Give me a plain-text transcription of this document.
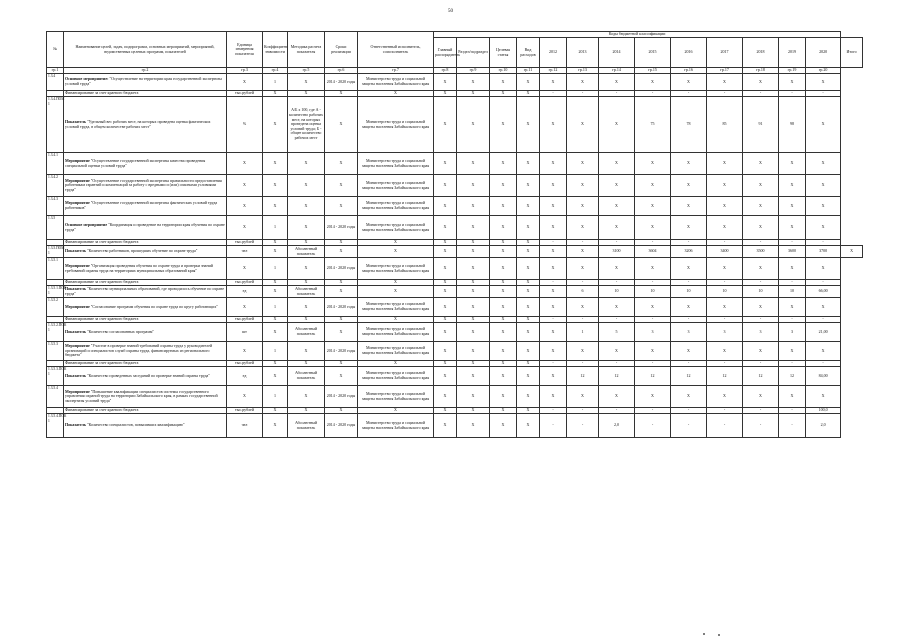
50
№	Наименование целей, задач, подпрограмм, основных мероприятий, мероприятий, ведомственных целевых программ, показателей	Единица измерения показателя	Коэффициент значимости	Методика расчета показателя	Сроки реализации	Ответственный исполнитель, соисполнитель	Коды бюджетной классификации													
							Главный распорядитель	Раздел/подраздел	Целевая статья	Вид расходов	2012	2013	2014	2015	2016	2017	2018	2019	2020	Итого
гр.1	гр.2	гр.3	гр.4	гр.5	гр.6	гр.7	гр.8	гр.9	гр.10	гр.11	гр.12	гр.13	гр.14	гр.15	гр.16	гр.17	гр.18	гр.19	гр.20	
1.3.4	Основное мероприятие: "Осуществление на территории края государственной экспертизы условий труда"	X	1	X	2014 - 2020 годы	Министерство труда и социальной защиты населения Забайкальского края	X	X	X	X	X	X	X	X	X	X	X	X	X	
	Финансирование за счет краевого бюджета	тыс.рублей	X	X	X	X	X	X	X	X	-	-	-	-	-	-	-	-	-	
1.3.4.ПОМ 1	Показатель "Удельный вес рабочих мест, на которых проведена оценка фактических условий труда, в общем количестве рабочих мест"	%	X	А/Б х 100, где А - количество рабочих мест, на которых проведена оценка условий труда; Б - общее количество рабочих мест	X	Министерство труда и социальной защиты населения Забайкальского края	X	X	X	X	X	X	X	75	78	85	91	98	X	
1.3.4.1	Мероприятие "Осуществление государственной экспертизы качества проведения специальной оценки условий труда"	X	X	X	X	Министерство труда и социальной защиты населения Забайкальского края	X	X	X	X	X	X	X	X	X	X	X	X	X	
1.3.4.2	Мероприятие "Осуществление государственной экспертизы правильности предоставления работникам гарантий и компенсаций за работу с вредными и (или) опасными условиями труда"	X	X	X	X	Министерство труда и социальной защиты населения Забайкальского края	X	X	X	X	X	X	X	X	X	X	X	X	X	
1.3.4.3	Мероприятие "Осуществление государственной экспертизы фактических условий труда работников"	X	X	X	X	Министерство труда и социальной защиты населения Забайкальского края	X	X	X	X	X	X	X	X	X	X	X	X	X	
1.3.5	Основное мероприятие "Координация и проведение на территории края обучения по охране труда"	X	1	X	2014 - 2020 годы	Министерство труда и социальной защиты населения Забайкальского края	X	X	X	X	X	X	X	X	X	X	X	X	X	
	Финансирование за счет краевого бюджета	тыс.рублей	X	X	X	X	X	X	X	X	-	-	-	-	-	-	-	-	-	
1.3.5.ПОМ 1	Показатель "Количество работников, прошедших обучение по охране труда"	чел	X	Абсолютный показатель	X	X	X	X	X	X	X	X	3100	3604	3206	3400	3500	3600	3700	X
1.3.5.1	Мероприятие "Организация проведения обучения по охране труда и проверки знаний требований охраны труда на территориях муниципальных образований края"	X	1	X	2014 - 2020 годы	Министерство труда и социальной защиты населения Забайкальского края	X	X	X	X	X	X	X	X	X	X	X	X	X	
	Финансирование за счет краевого бюджета	тыс.рублей	X	X	X	X	X	X	X	X	-	-	-	-	-	-	-	-	-	
1.3.5.1.ПОК 1	Показатель "Количество муниципальных образований, где проводилось обучение по охране труда"	ед	X	Абсолютный показатель	X	X	X	X	X	X	X	6	10	10	10	10	10	10	66,00	
1.3.5.2	Мероприятие "Согласование программ обучения по охране труда по кругу работающих"	X	1	X	2014 - 2020 годы	Министерство труда и социальной защиты населения Забайкальского края	X	X	X	X	X	X	X	X	X	X	X	X	X	
	Финансирование за счет краевого бюджета	тыс.рублей	X	X	X	X	X	X	X	X	-	-	-	-	-	-	-	-	-	
1.3.5.2.ПОК 1	Показатель "Количество согласованных программ"	шт	X	Абсолютный показатель	X	Министерство труда и социальной защиты населения Забайкальского края	X	X	X	X	X	1	5	3	3	3	3	3	21,00	
1.3.5.3	Мероприятие "Участие в проверке знаний требований охраны труда у руководителей организаций и специалистов служб охраны труда, финансируемых из регионального бюджета"	X	1	X	2014 - 2020 годы	Министерство труда и социальной защиты населения Забайкальского края	X	X	X	X	X	X	X	X	X	X	X	X	X	
	Финансирование за счет краевого бюджета	тыс.рублей	X	X	X	X	X	X	X	X	-	-	-	-	-	-	-	-	-	
1.3.5.3.ПОК 1	Показатель "Количество проведенных заседаний по проверке знаний охраны труда"	ед	X	Абсолютный показатель	X	Министерство труда и социальной защиты населения Забайкальского края	X	X	X	X	X	12	12	12	12	12	12	12	84,00	
1.3.5.4	Мероприятие "Повышение квалификации специалистов системы государственного управления охраной труда на территории Забайкальского края, в рамках государственной экспертизы условий труда"	X	1	X	2014 - 2020 годы	Министерство труда и социальной защиты населения Забайкальского края	X	X	X	X	X	X	X	X	X	X	X	X	X	
	Финансирование за счет краевого бюджета	тыс.рублей	X	X	X	X	X	X	X	X	-	-	-	-	-	-	-	-	100,0	
1.3.5.4.ПОК 1	Показатель "Количество специалистов, повысивших квалификацию"	чел	X	Абсолютный показатель	2014 - 2020 годы	Министерство труда и социальной защиты населения Забайкальского края	X	X	X	X	-	-	2,0	-	-	-	-	-	2,0	
